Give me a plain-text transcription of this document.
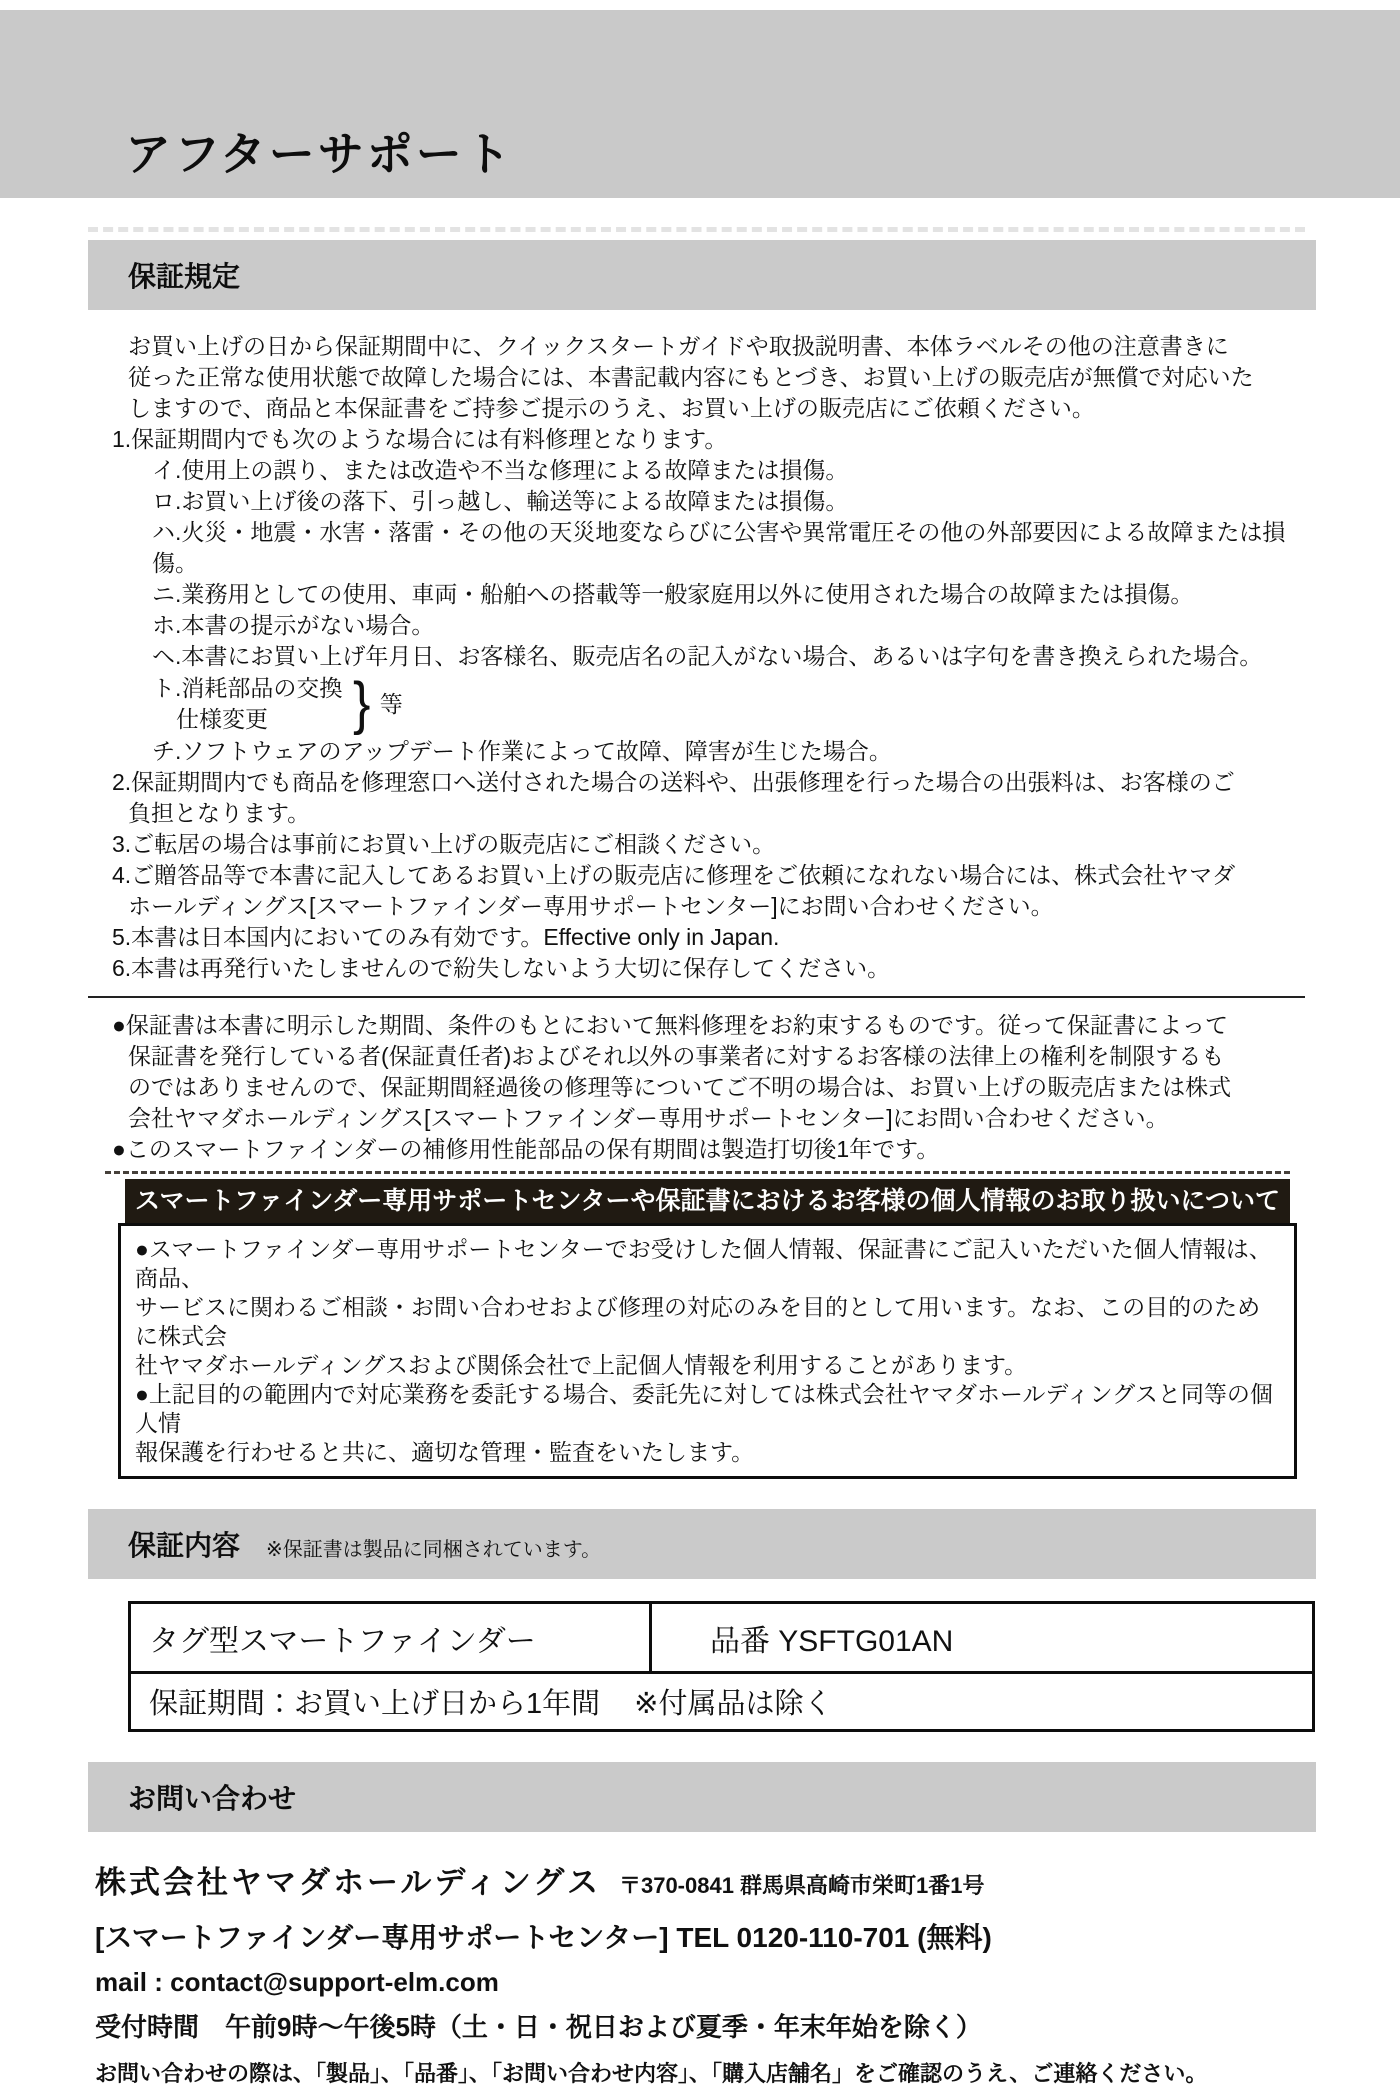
アフターサポート
保証規定
お買い上げの日から保証期間中に、クイックスタートガイドや取扱説明書、本体ラベルその他の注意書きに
従った正常な使用状態で故障した場合には、本書記載内容にもとづき、お買い上げの販売店が無償で対応いた
しますので、商品と本保証書をご持参ご提示のうえ、お買い上げの販売店にご依頼ください。
1.保証期間内でも次のような場合には有料修理となります。
イ.使用上の誤り、または改造や不当な修理による故障または損傷。
ロ.お買い上げ後の落下、引っ越し、輸送等による故障または損傷。
ハ.火災・地震・水害・落雷・その他の天災地変ならびに公害や異常電圧その他の外部要因による故障または損傷。
ニ.業務用としての使用、車両・船舶への搭載等一般家庭用以外に使用された場合の故障または損傷。
ホ.本書の提示がない場合。
ヘ.本書にお買い上げ年月日、お客様名、販売店名の記入がない場合、あるいは字句を書き換えられた場合。
ト.消耗部品の交換
仕様変更	} 等
チ.ソフトウェアのアップデート作業によって故障、障害が生じた場合。
2.保証期間内でも商品を修理窓口へ送付された場合の送料や、出張修理を行った場合の出張料は、お客様のご
負担となります。
3.ご転居の場合は事前にお買い上げの販売店にご相談ください。
4.ご贈答品等で本書に記入してあるお買い上げの販売店に修理をご依頼になれない場合には、株式会社ヤマダ
ホールディングス[スマートファインダー専用サポートセンター]にお問い合わせください。
5.本書は日本国内においてのみ有効です。Effective only in Japan.
6.本書は再発行いたしませんので紛失しないよう大切に保存してください。
●保証書は本書に明示した期間、条件のもとにおいて無料修理をお約束するものです。従って保証書によって
保証書を発行している者(保証責任者)およびそれ以外の事業者に対するお客様の法律上の権利を制限するも
のではありませんので、保証期間経過後の修理等についてご不明の場合は、お買い上げの販売店または株式
会社ヤマダホールディングス[スマートファインダー専用サポートセンター]にお問い合わせください。
●このスマートファインダーの補修用性能部品の保有期間は製造打切後1年です。
スマートファインダー専用サポートセンターや保証書におけるお客様の個人情報のお取り扱いについて
●スマートファインダー専用サポートセンターでお受けした個人情報、保証書にご記入いただいた個人情報は、商品、
サービスに関わるご相談・お問い合わせおよび修理の対応のみを目的として用います。なお、この目的のために株式会
社ヤマダホールディングスおよび関係会社で上記個人情報を利用することがあります。
●上記目的の範囲内で対応業務を委託する場合、委託先に対しては株式会社ヤマダホールディングスと同等の個人情
報保護を行わせると共に、適切な管理・監査をいたします。
保証内容 ※保証書は製品に同梱されています。
タグ型スマートファインダー	品番 YSFTG01AN
保証期間：お買い上げ日から1年間 ※付属品は除く
お問い合わせ
株式会社ヤマダホールディングス 〒370-0841 群馬県高崎市栄町1番1号
[スマートファインダー専用サポートセンター] TEL 0120-110-701 (無料)
mail : contact@support-elm.com
受付時間　午前9時～午後5時（土・日・祝日および夏季・年末年始を除く）
お問い合わせの際は、「製品」、「品番」、「お問い合わせ内容」、「購入店舗名」をご確認のうえ、ご連絡ください。
